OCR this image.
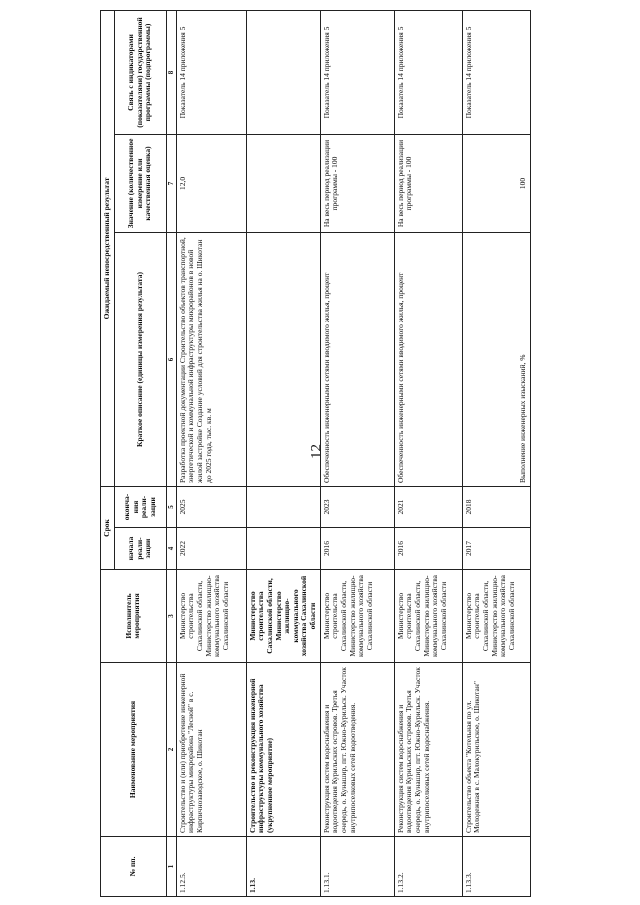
12
№ пп.	Наименование мероприятия	Исполнитель мероприятия	Срок		Ожидаемый непосредственный результат		
			начала реали- зации	оконча- ния реали- зации	Краткое описание (единицы измерения результата)	Значение (количественное измерение или качественная оценка)	Связь с индикаторами (показателями) государственной программы (подпрограммы)

1	2	3	4	5	6	7	8
1.12.5.	Строительство и (или) приобретение инженерной инфраструктуры микрорайона "Лесной" в с. Кирпичнозаводское, о. Шикотан	Министерство строительства Сахалинской области, Министерство жилищно-коммунального хозяйства Сахалинской области	2022	2025	Разработка проектной документации Строительство объектов транспортной, энергетической и коммунальной инфраструктуры микрорайонов в новой жилой застройке Создание условий для строительства жилья на о. Шикотан до 2025 года, тыс. кв. м	12,0	Показатель 14 приложения 5
1.13.	Строительство и реконструкция инженерной инфраструктуры коммунального хозяйства (укрупненное мероприятие)	Министерство строительства Сахалинской области, Министерство жилищно-коммунального хозяйства Сахалинской области					
1.13.1.	Реконструкция систем водоснабжения и водоотведения Курильских островов. Третья очередь, о. Кунашир, пгт. Южно-Курильск. Участок внутрипоселковых сетей водоотведения.	Министерство строительства Сахалинской области, Министерство жилищно-коммунального хозяйства Сахалинской области	2016	2023	Обеспеченность инженерными сетями вводимого жилья, процент	На весь период реализации программы - 100	Показатель 14 приложения 5
1.13.2.	Реконструкция систем водоснабжения и водоотведения Курильских островов. Третья очередь, о. Кунашир, пгт. Южно-Курильск. Участок внутрипоселковых сетей водоснабжения.	Министерство строительства Сахалинской области, Министерство жилищно-коммунального хозяйства Сахалинской области	2016	2021	Обеспеченность инженерными сетями вводимого жилья, процент	На весь период реализации программы - 100	Показатель 14 приложения 5
1.13.3.	Строительство объекта "Котельная по ул. Молодежная в с. Малокурильское, о. Шикотан"	Министерство строительства Сахалинской области, Министерство жилищно-коммунального хозяйства Сахалинской области	2017	2018	Выполнение инженерных изысканий, %	100	Показатель 14 приложения 5
